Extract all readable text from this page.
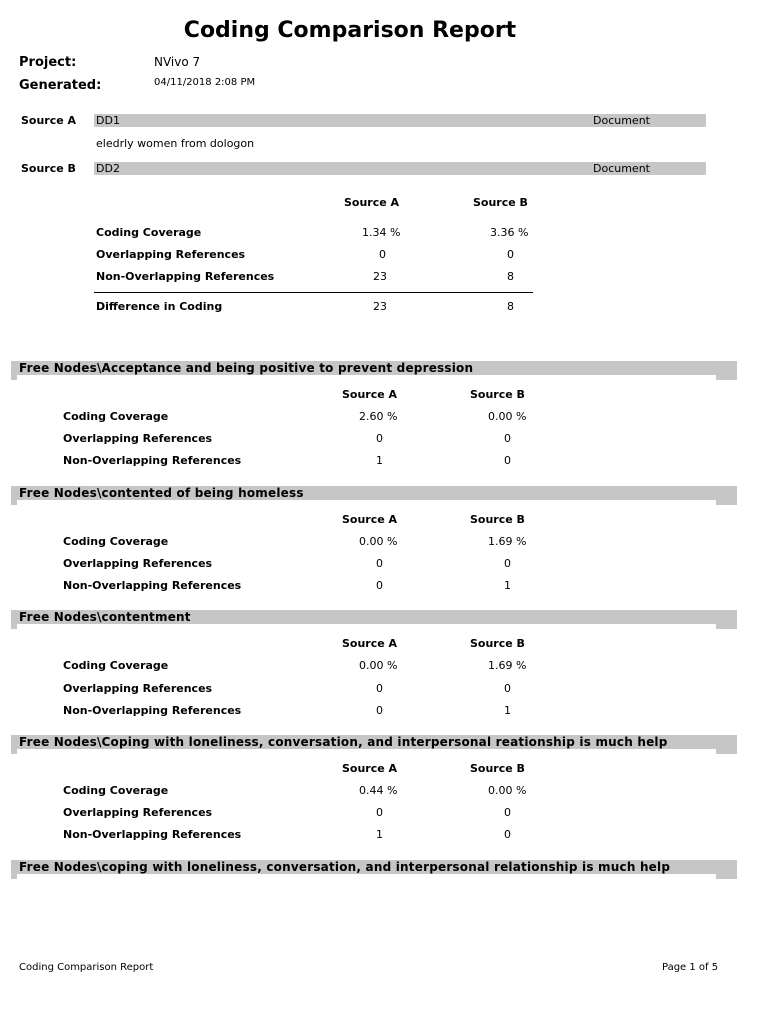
Coding Comparison Report
Project:	NVivo 7
Generated:	04/11/2018 2:08 PM
Source A DD1	Document
eledrly women from dologon
Source B DD2	Document
Source A	Source B
Coding Coverage	1.34 %	3.36 %
Overlapping References	0	0
Non-Overlapping References	23	8
Difference in Coding	23	8
Free Nodes\Acceptance and being positive to prevent depression
Source A	Source B
Coding Coverage	2.60 %	0.00 %
Overlapping References	0	0
Non-Overlapping References	1	0
Free Nodes\contented of being homeless
Source A	Source B
Coding Coverage	0.00 %	1.69 %
Overlapping References	0	0
Non-Overlapping References	0	1
Free Nodes\contentment
Source A	Source B
Coding Coverage	0.00 %	1.69 %
Overlapping References	0	0
Non-Overlapping References	0	1
Free Nodes\Coping with loneliness, conversation, and interpersonal reationship is much help
Source A	Source B
Coding Coverage	0.44 %	0.00 %
Overlapping References	0	0
Non-Overlapping References	1	0
Free Nodes\coping with loneliness, conversation, and interpersonal relationship is much help
Coding Comparison Report	Page 1 of 5
